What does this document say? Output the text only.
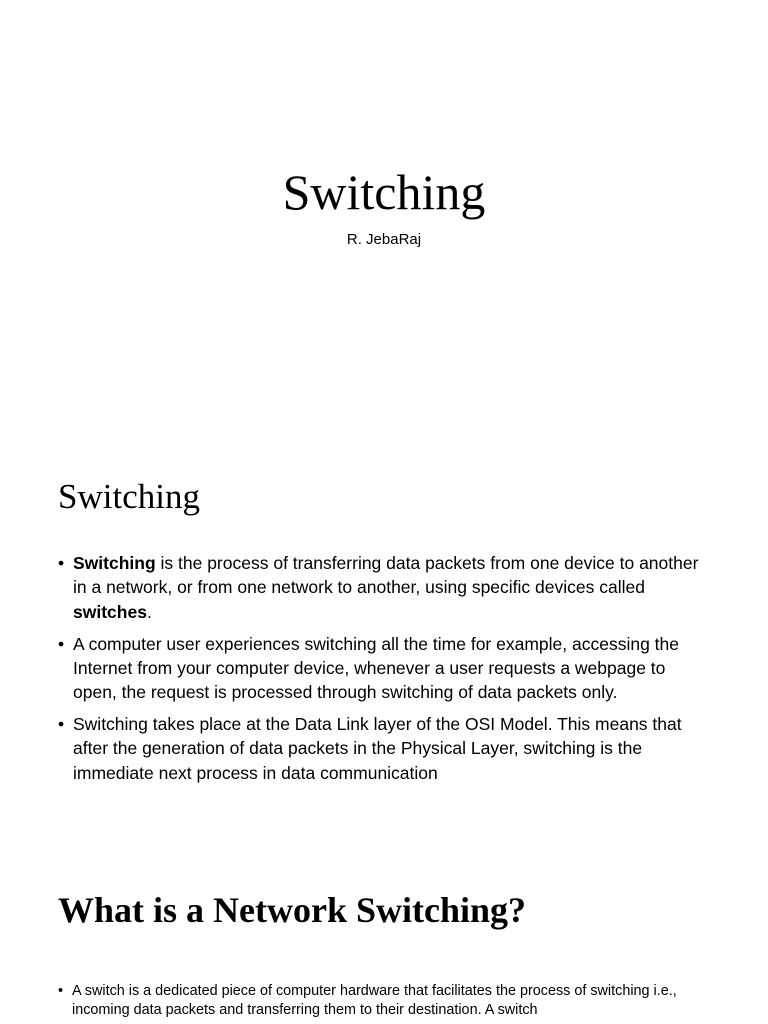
Switching

R. JebaRaj

Switching
• Switching is the process of transferring data packets from one device to another in a network, or from one network to another, using specific devices called switches.
• A computer user experiences switching all the time for example, accessing the Internet from your computer device, whenever a user requests a webpage to open, the request is processed through switching of data packets only.
• Switching takes place at the Data Link layer of the OSI Model. This means that after the generation of data packets in the Physical Layer, switching is the immediate next process in data communication
What is a Network Switching?
• A switch is a dedicated piece of computer hardware that facilitates the process of switching i.e., incoming data packets and transferring them to their destination. A switch
